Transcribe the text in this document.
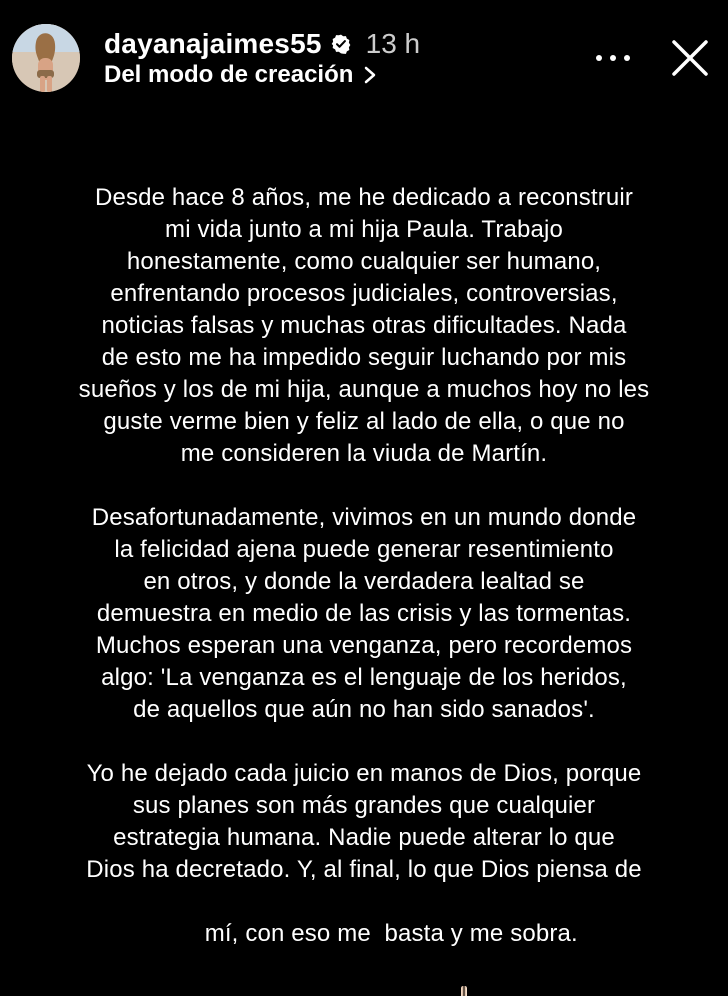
dayanajaimes55 13 h
Del modo de creación
Desde hace 8 años, me he dedicado a reconstruir
mi vida junto a mi hija Paula. Trabajo
honestamente, como cualquier ser humano,
enfrentando procesos judiciales, controversias,
noticias falsas y muchas otras dificultades. Nada
de esto me ha impedido seguir luchando por mis
sueños y los de mi hija, aunque a muchos hoy no les
guste verme bien y feliz al lado de ella, o que no
me consideren la viuda de Martín.
Desafortunadamente, vivimos en un mundo donde
la felicidad ajena puede generar resentimiento
en otros, y donde la verdadera lealtad se
demuestra en medio de las crisis y las tormentas.
Muchos esperan una venganza, pero recordemos
algo: 'La venganza es el lenguaje de los heridos,
de aquellos que aún no han sido sanados'.
Yo he dejado cada juicio en manos de Dios, porque
sus planes son más grandes que cualquier
estrategia humana. Nadie puede alterar lo que
Dios ha decretado. Y, al final, lo que Dios piensa de

mí, con eso me  basta y me sobra.
